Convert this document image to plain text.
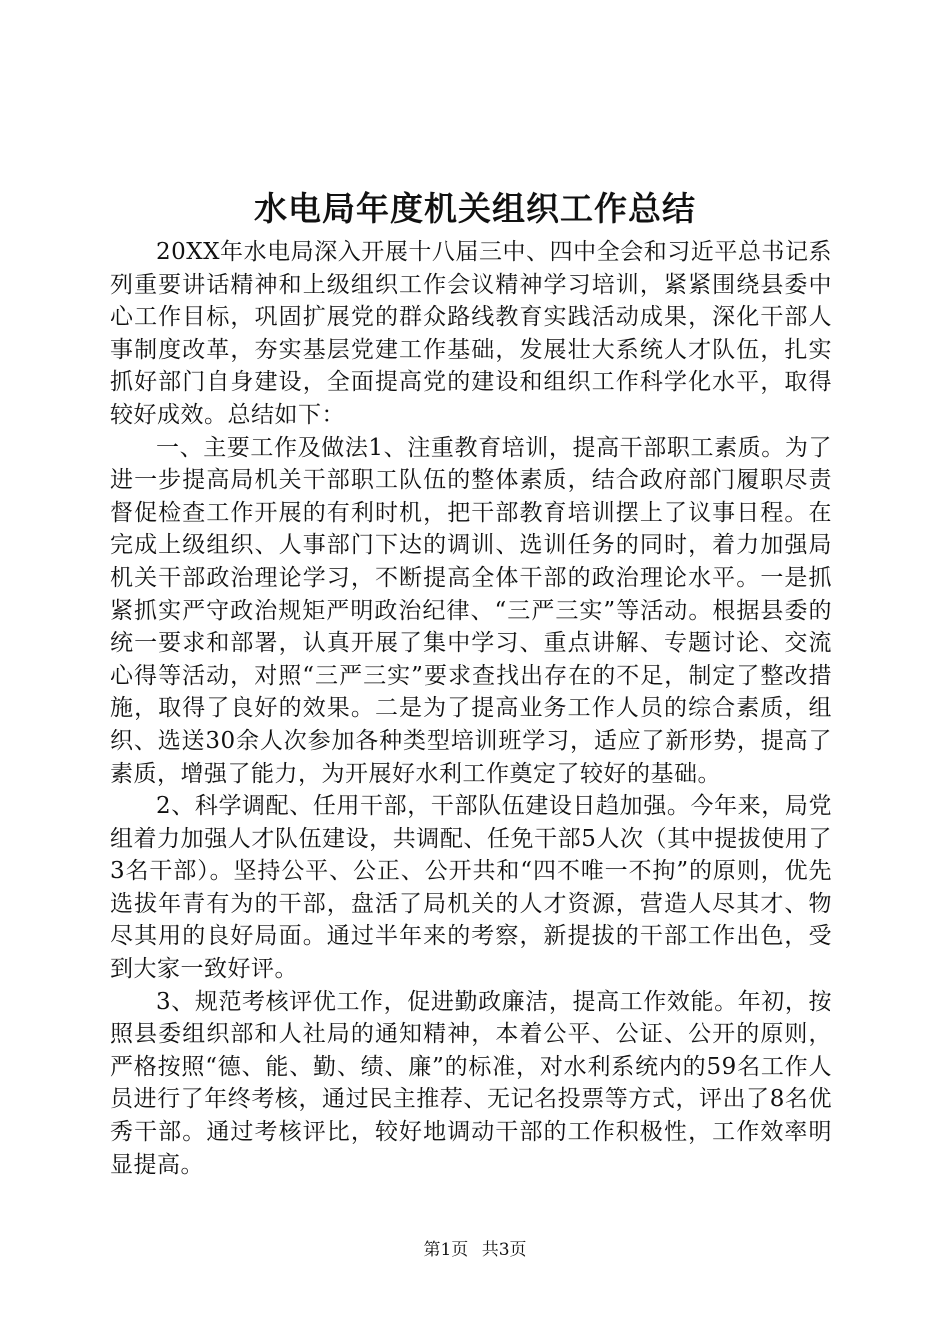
水电局年度机关组织工作总结

20XX年水电局深入开展十八届三中、四中全会和习近平总书记系列重要讲话精神和上级组织工作会议精神学习培训，紧紧围绕县委中心工作目标，巩固扩展党的群众路线教育实践活动成果，深化干部人事制度改革，夯实基层党建工作基础，发展壮大系统人才队伍，扎实抓好部门自身建设，全面提高党的建设和组织工作科学化水平，取得较好成效。总结如下：

一、主要工作及做法1、注重教育培训，提高干部职工素质。为了进一步提高局机关干部职工队伍的整体素质，结合政府部门履职尽责督促检查工作开展的有利时机，把干部教育培训摆上了议事日程。在完成上级组织、人事部门下达的调训、选训任务的同时，着力加强局机关干部政治理论学习，不断提高全体干部的政治理论水平。一是抓紧抓实严守政治规矩严明政治纪律、“三严三实”等活动。根据县委的统一要求和部署，认真开展了集中学习、重点讲解、专题讨论、交流心得等活动，对照“三严三实”要求查找出存在的不足，制定了整改措施，取得了良好的效果。二是为了提高业务工作人员的综合素质，组织、选送30余人次参加各种类型培训班学习，适应了新形势，提高了素质，增强了能力，为开展好水利工作奠定了较好的基础。

2、科学调配、任用干部，干部队伍建设日趋加强。今年来，局党组着力加强人才队伍建设，共调配、任免干部5人次（其中提拔使用了3名干部）。坚持公平、公正、公开共和“四不唯一不拘”的原则，优先选拔年青有为的干部，盘活了局机关的人才资源，营造人尽其才、物尽其用的良好局面。通过半年来的考察，新提拔的干部工作出色，受到大家一致好评。

3、规范考核评优工作，促进勤政廉洁，提高工作效能。年初，按照县委组织部和人社局的通知精神，本着公平、公证、公开的原则，严格按照“德、能、勤、绩、廉”的标准，对水利系统内的59名工作人员进行了年终考核，通过民主推荐、无记名投票等方式，评出了8名优秀干部。通过考核评比，较好地调动干部的工作积极性，工作效率明显提高。

第1页 共3页
